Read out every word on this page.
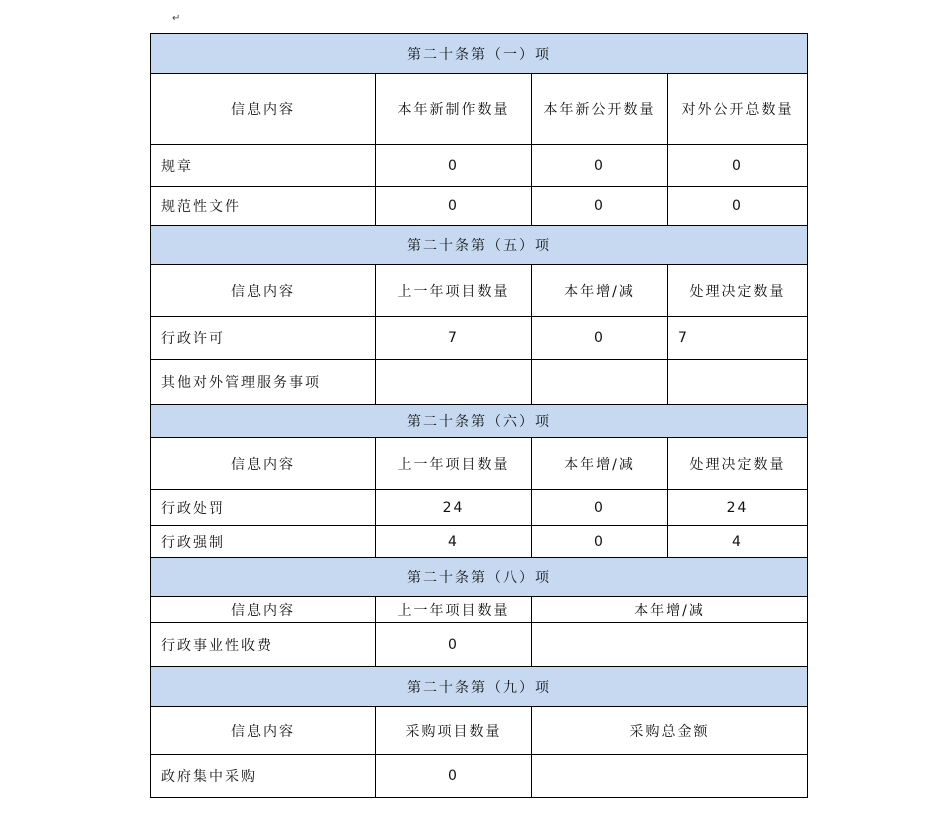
↵
第二十条第（一）项			
信息内容	本年新制作数量	本年新公开数量	对外公开总数量
规章	0	0	0
规范性文件	0	0	0
第二十条第（五）项			
信息内容	上一年项目数量	本年增/减	处理决定数量
行政许可	7	0	7
其他对外管理服务事项			
第二十条第（六）项			
信息内容	上一年项目数量	本年增/减	处理决定数量
行政处罚	24	0	24
行政强制	4	0	4
第二十条第（八）项			
信息内容	上一年项目数量	本年增/减	
行政事业性收费	0		
第二十条第（九）项			
信息内容	采购项目数量	采购总金额	
政府集中采购	0		
